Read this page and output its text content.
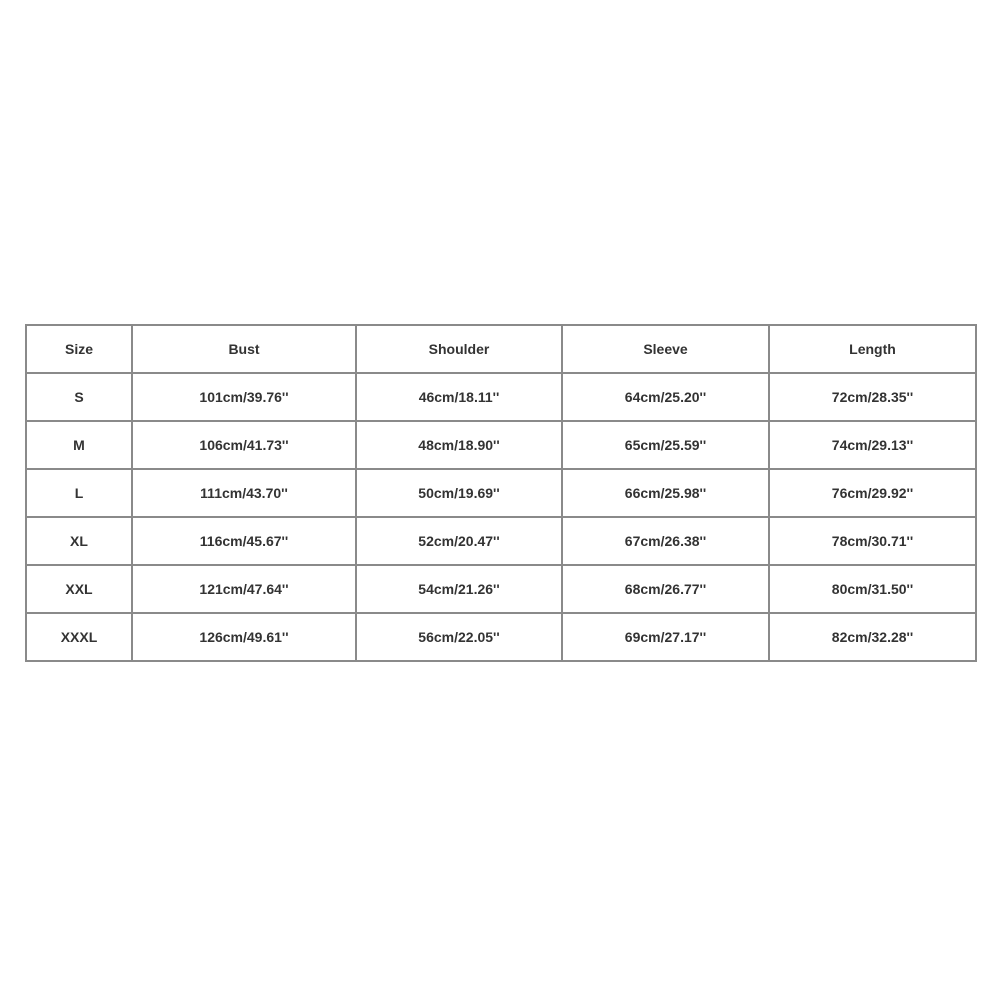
Size	Bust	Shoulder	Sleeve	Length
S	101cm/39.76''	46cm/18.11''	64cm/25.20''	72cm/28.35''
M	106cm/41.73''	48cm/18.90''	65cm/25.59''	74cm/29.13''
L	111cm/43.70''	50cm/19.69''	66cm/25.98''	76cm/29.92''
XL	116cm/45.67''	52cm/20.47''	67cm/26.38''	78cm/30.71''
XXL	121cm/47.64''	54cm/21.26''	68cm/26.77''	80cm/31.50''
XXXL	126cm/49.61''	56cm/22.05''	69cm/27.17''	82cm/32.28''
